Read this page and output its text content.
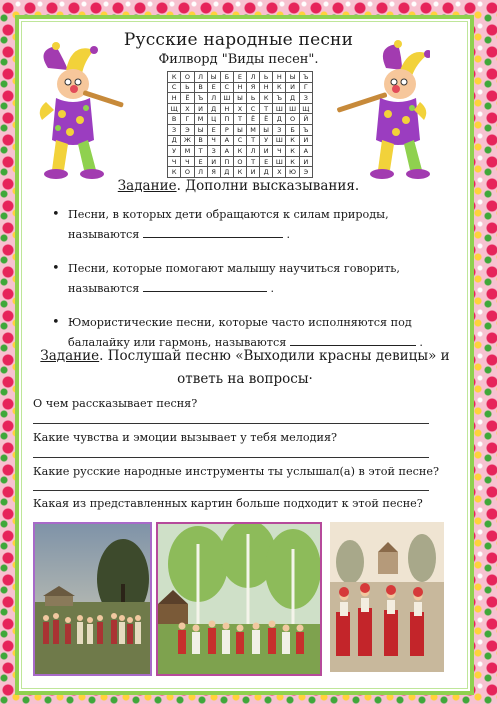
Русские народные песни
Филворд "Виды песен".
К	О	Л	Ы	Б	Е	Л	Ь	Н	Ы	Ъ
С	Ь	В	Е	С	Н	Я	Н	К	И	Г
Н	Ё	Ъ	Л	Ш	Ы	Ь	К	Ъ	Д	З
Щ	Х	И	Д	Н	Х	С	Т	Ш	Ш	Щ
В	Г	М	Ц	П	Т	Ё	Ё	Д	О	Й
З	Э	Ы	Е	Р	Ы	М	Ы	З	Б	Ъ
Д	Ж	В	Ч	А	С	Т	У	Ш	К	И
У	М	Т	З	А	К	Л	И	Ч	К	А
Ч	Ч	Е	И	П	О	Т	Е	Ш	К	И
К	О	Л	Я	Д	К	И	Д	Х	Ю	Э
Задание. Дополни высказывания.
• Песни, в которых дети обращаются к силам природы,
называются	.
• Песни, которые помогают малышу научиться говорить,
называются	.
• Юмористические песни, которые часто исполняются под
балалайку или гармонь, называются	.
Задание. Послушай песню «Выходили красны девицы» и ответь на вопросы·
О чем рассказывает песня?
Какие чувства и эмоции вызывает у тебя мелодия?
Какие русские народные инструменты ты услышал(а) в этой песне?
Какая из представленных картин больше подходит к этой песне?
